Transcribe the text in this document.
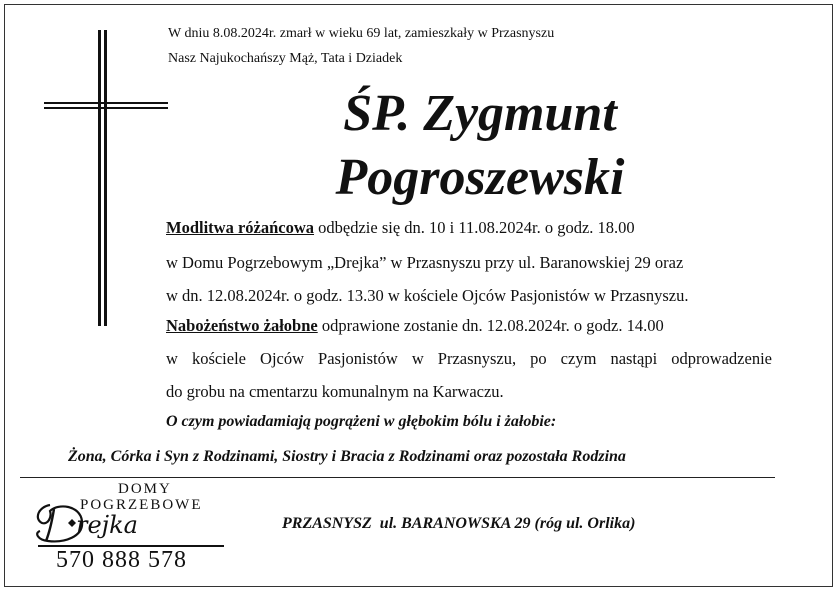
W dniu 8.08.2024r. zmarł w wieku 69 lat, zamieszkały w Przasnyszu
Nasz Najukochańszy Mąż, Tata i Dziadek
ŚP. Zygmunt
Pogroszewski
Modlitwa różańcowa odbędzie się dn. 10 i 11.08.2024r. o godz. 18.00
w Domu Pogrzebowym „Drejka” w Przasnyszu przy ul. Baranowskiej 29 oraz
w dn. 12.08.2024r. o godz. 13.30 w kościele Ojców Pasjonistów w Przasnyszu.
Nabożeństwo żałobne odprawione zostanie dn. 12.08.2024r. o godz. 14.00
w kościele Ojców Pasjonistów w Przasnyszu, po czym nastąpi odprowadzenie
do grobu na cmentarzu komunalnym na Karwaczu.
O czym powiadamiają pogrążeni w głębokim bólu i żałobie:
Żona, Córka i Syn z Rodzinami, Siostry i Bracia z Rodzinami oraz pozostała Rodzina
DOMY
POGRZEBOWE
rejka
570 888 578
PRZASNYSZ  ul. BARANOWSKA 29 (róg ul. Orlika)
